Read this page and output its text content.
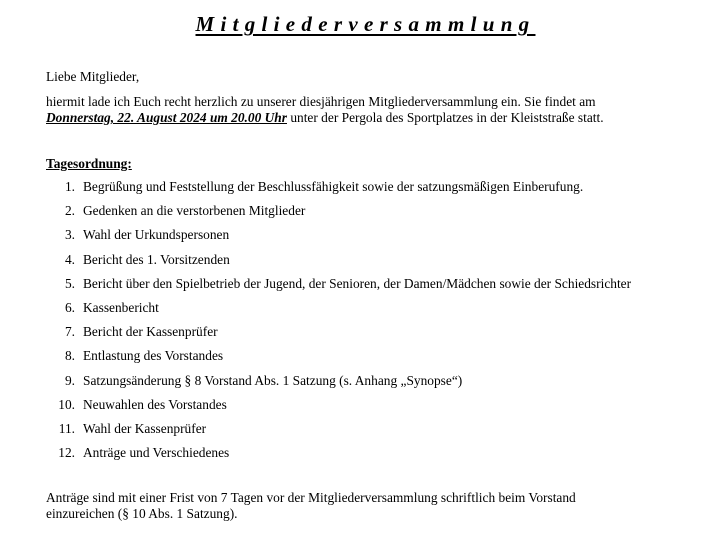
Mitgliederversammlung

Liebe Mitglieder,

hiermit lade ich Euch recht herzlich zu unserer diesjährigen Mitgliederversammlung ein. Sie findet am

Donnerstag, 22. August 2024 um 20.00 Uhr unter der Pergola des Sportplatzes in der Kleiststraße statt.

Tagesordnung:

1. Begrüßung und Feststellung der Beschlussfähigkeit sowie der satzungsmäßigen Einberufung.
2. Gedenken an die verstorbenen Mitglieder
3. Wahl der Urkundspersonen
4. Bericht des 1. Vorsitzenden
5. Bericht über den Spielbetrieb der Jugend, der Senioren, der Damen/Mädchen sowie der Schiedsrichter
6. Kassenbericht
7. Bericht der Kassenprüfer
8. Entlastung des Vorstandes
9. Satzungsänderung § 8 Vorstand Abs. 1 Satzung (s. Anhang „Synopse“)
10. Neuwahlen des Vorstandes
11. Wahl der Kassenprüfer
12. Anträge und Verschiedenes

Anträge sind mit einer Frist von 7 Tagen vor der Mitgliederversammlung schriftlich beim Vorstand

einzureichen (§ 10 Abs. 1 Satzung).
